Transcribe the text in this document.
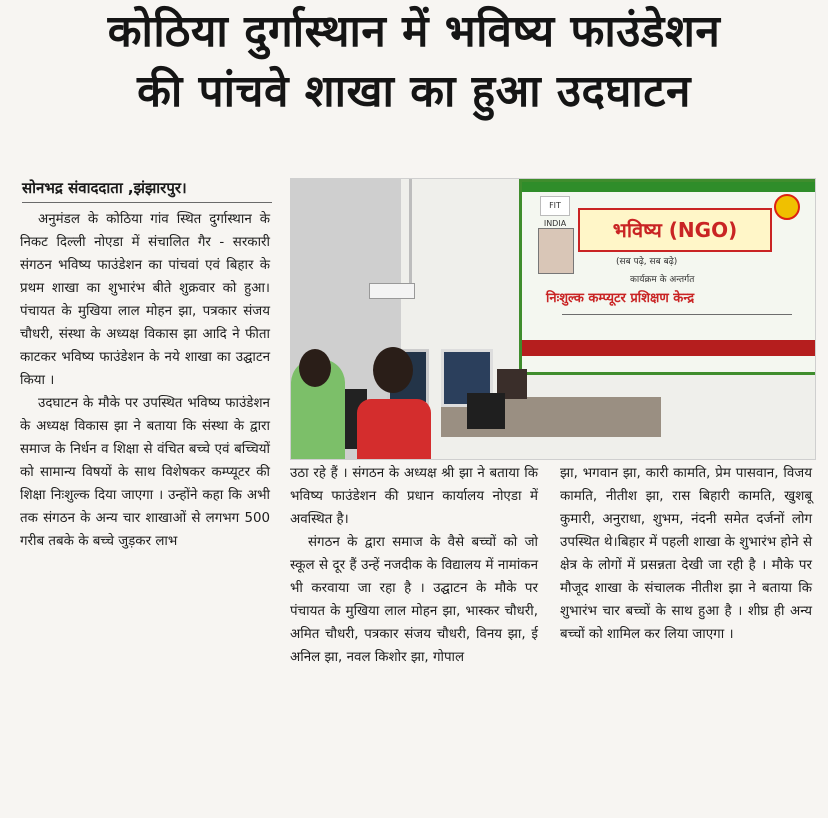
कोठिया दुर्गास्थान में भविष्य फाउंडेशन
की पांचवे शाखा का हुआ उदघाटन
सोनभद्र संवाददाता ,झंझारपुर।
FIT INDIA	भविष्य (NGO)
(सब पढ़े, सब बढ़े)
कार्यक्रम के अन्तर्गत
निःशुल्क कम्प्यूटर प्रशिक्षण केन्द्र

अनुमंडल के कोठिया गांव स्थित दुर्गास्थान के निकट दिल्ली नोएडा में संचालित गैर - सरकारी संगठन भविष्य फाउंडेशन का पांचवां एवं बिहार के प्रथम शाखा का शुभारंभ बीते शुक्रवार को हुआ।पंचायत के मुखिया लाल मोहन झा, पत्रकार संजय चौधरी, संस्था के अध्यक्ष विकास झा आदि ने फीता काटकर भविष्य फाउंडेशन के नये शाखा का उद्घाटन किया ।

उदघाटन के मौके पर उपस्थित भविष्य फाउंडेशन के अध्यक्ष विकास झा ने बताया कि संस्था के द्वारा समाज के निर्धन व शिक्षा से वंचित बच्चे एवं बच्चियों को सामान्य विषयों के साथ विशेषकर कम्प्यूटर की शिक्षा निःशुल्क दिया जाएगा । उन्होंने कहा कि अभी तक संगठन के अन्य चार शाखाओं से लगभग 500 गरीब तबके के बच्चे जुड़कर लाभ

उठा रहे हैं । संगठन के अध्यक्ष श्री झा ने बताया कि भविष्य फाउंडेशन की प्रधान कार्यालय नोएडा में अवस्थित है।

संगठन के द्वारा समाज के वैसे बच्चों को जो स्कूल से दूर हैं उन्हें नजदीक के विद्यालय में नामांकन भी करवाया जा रहा है । उद्घाटन के मौके पर पंचायत के मुखिया लाल मोहन झा, भास्कर चौधरी, अमित चौधरी, पत्रकार संजय चौधरी, विनय झा, ई अनिल झा, नवल किशोर झा, गोपाल

झा, भगवान झा, कारी कामति, प्रेम पासवान, विजय कामति, नीतीश झा, रास बिहारी कामति, खुशबू कुमारी, अनुराधा, शुभम, नंदनी समेत दर्जनों लोग उपस्थित थे।बिहार में पहली शाखा के शुभारंभ होने से क्षेत्र के लोगों में प्रसन्नता देखी जा रही है । मौके पर मौजूद शाखा के संचालक नीतीश झा ने बताया कि शुभारंभ चार बच्चों के साथ हुआ है । शीघ्र ही अन्य बच्चों को शामिल कर लिया जाएगा ।
